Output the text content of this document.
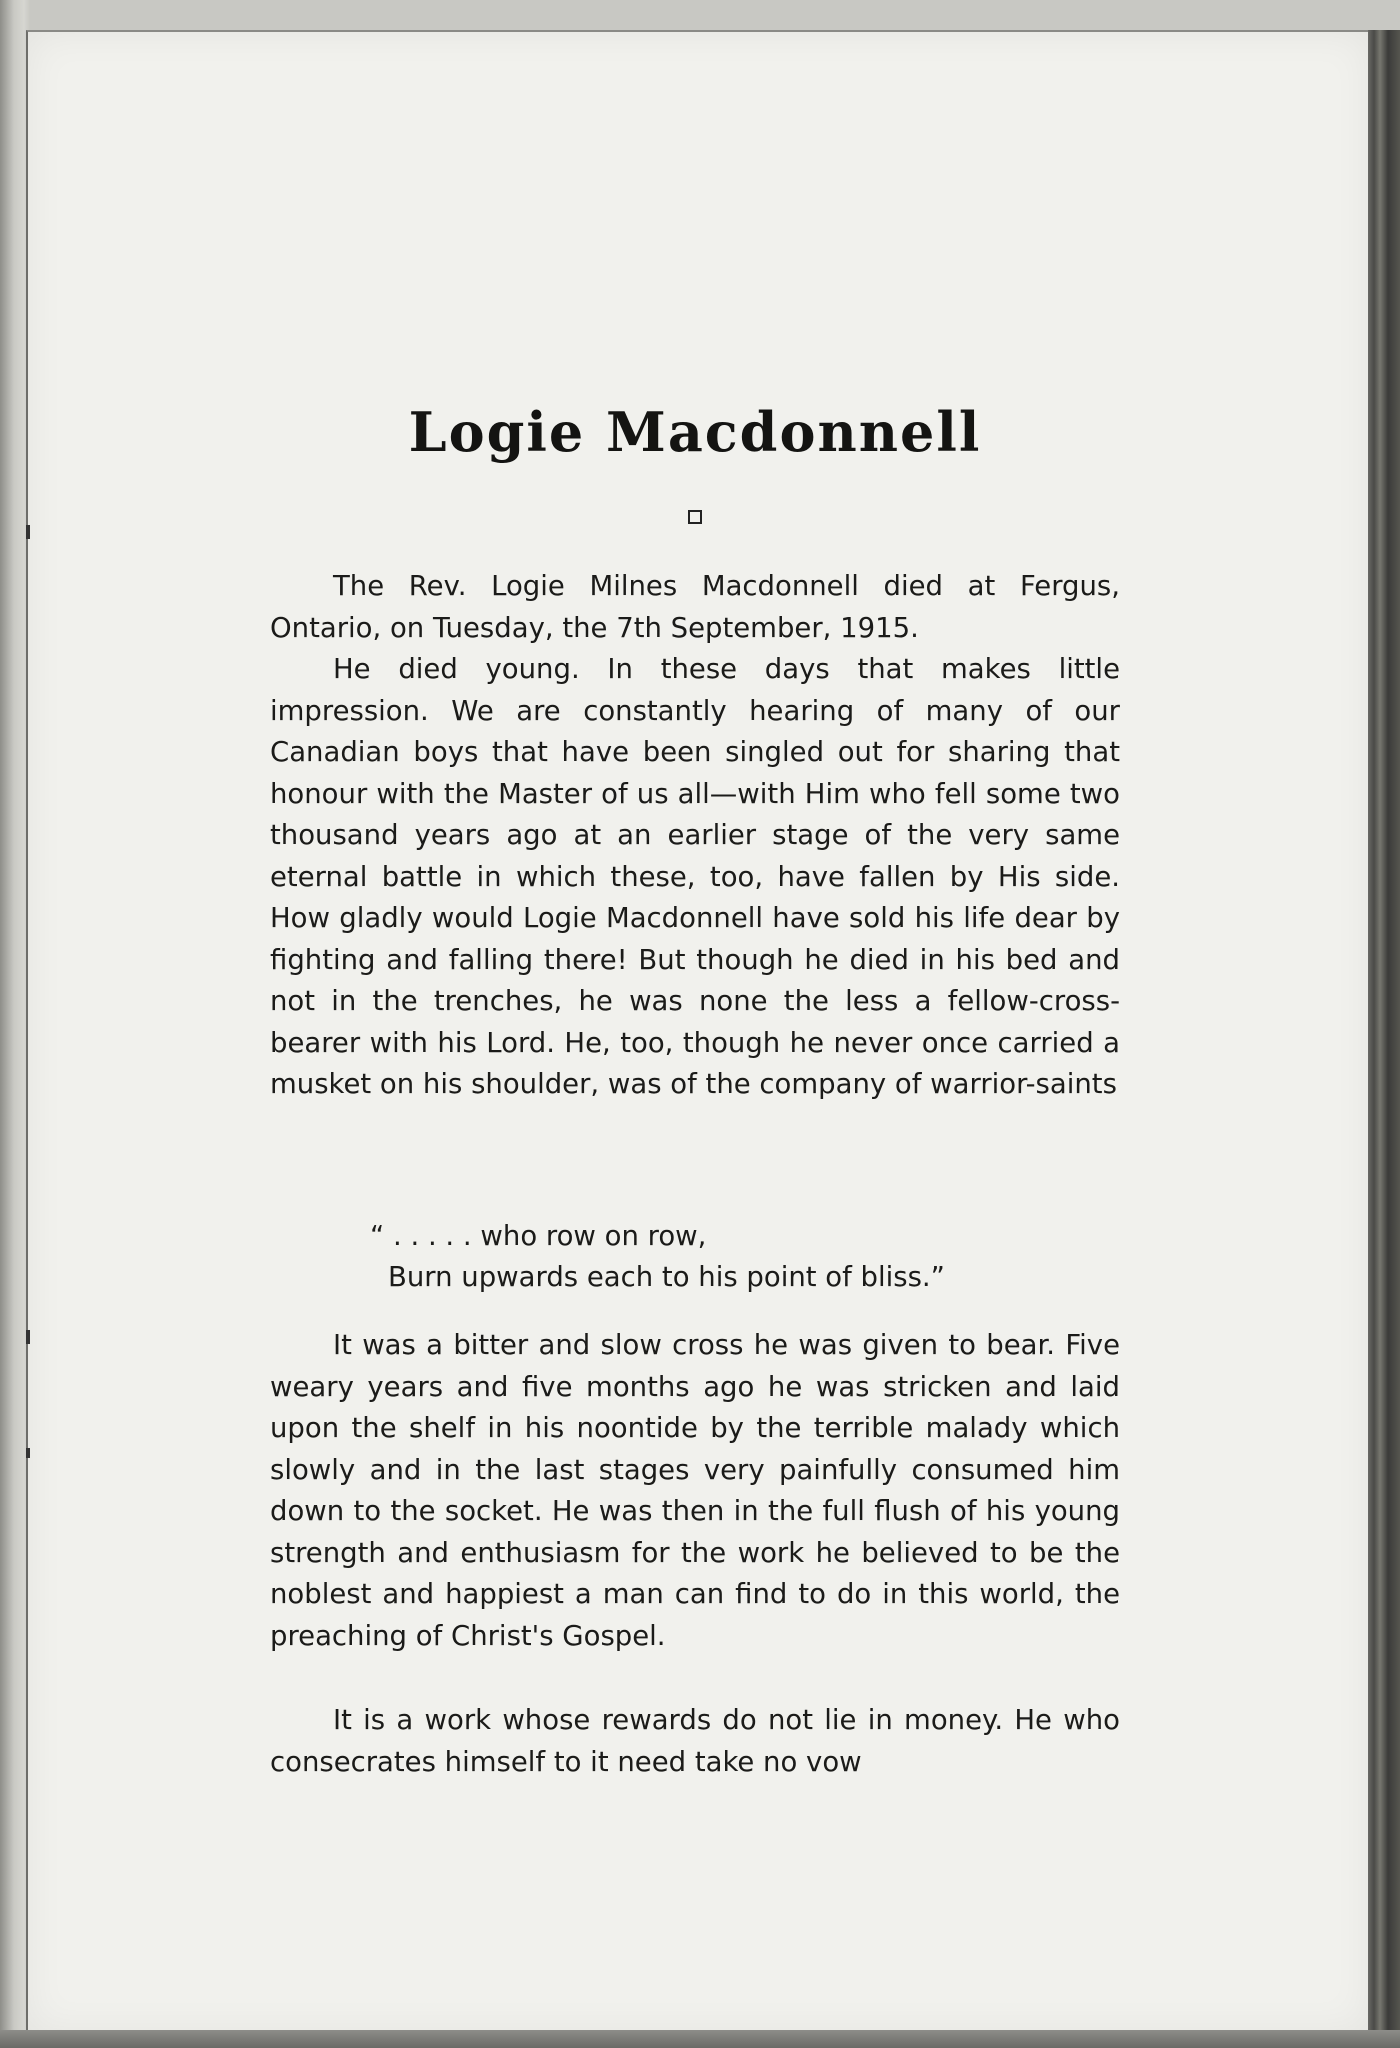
Logie Macdonnell

The Rev. Logie Milnes Macdonnell died at Fergus, Ontario, on Tuesday, the 7th September, 1915.

He died young. In these days that makes little impression. We are constantly hearing of many of our Canadian boys that have been singled out for sharing that honour with the Master of us all—with Him who fell some two thousand years ago at an earlier stage of the very same eternal battle in which these, too, have fallen by His side. How gladly would Logie Macdonnell have sold his life dear by fighting and falling there! But though he died in his bed and not in the trenches, he was none the less a fellow-cross-bearer with his Lord. He, too, though he never once carried a musket on his shoulder, was of the company of warrior-saints

“ . . . . . who row on row,

Burn upwards each to his point of bliss.”

It was a bitter and slow cross he was given to bear. Five weary years and five months ago he was stricken and laid upon the shelf in his noontide by the terrible malady which slowly and in the last stages very painfully consumed him down to the socket. He was then in the full flush of his young strength and enthusiasm for the work he believed to be the noblest and happiest a man can find to do in this world, the preaching of Christ's Gospel.

It is a work whose rewards do not lie in money. He who consecrates himself to it need take no vow
